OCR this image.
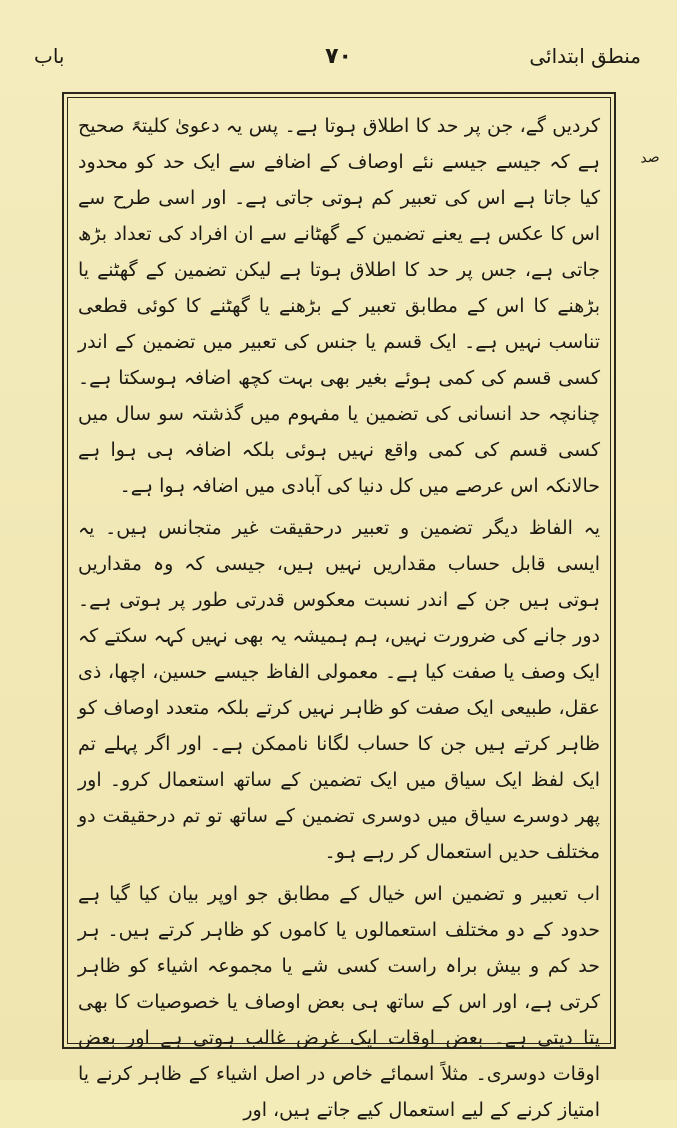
منطق ابتدائی
۷۰
باب
صد

کردیں گے، جن پر حد کا اطلاق ہوتا ہے۔ پس یہ دعویٰ کلیتہً صحیح ہے کہ جیسے جیسے نئے اوصاف کے اضافے سے ایک حد کو محدود کیا جاتا ہے اس کی تعبیر کم ہوتی جاتی ہے۔ اور اسی طرح سے اس کا عکس ہے یعنے تضمین کے گھٹانے سے ان افراد کی تعداد بڑھ جاتی ہے، جس پر حد کا اطلاق ہوتا ہے لیکن تضمین کے گھٹنے یا بڑھنے کا اس کے مطابق تعبیر کے بڑھنے یا گھٹنے کا کوئی قطعی تناسب نہیں ہے۔ ایک قسم یا جنس کی تعبیر میں تضمین کے اندر کسی قسم کی کمی ہوئے بغیر بھی بہت کچھ اضافہ ہوسکتا ہے۔ چنانچہ حد انسانی کی تضمین یا مفہوم میں گذشتہ سو سال میں کسی قسم کی کمی واقع نہیں ہوئی بلکہ اضافہ ہی ہوا ہے حالانکہ اس عرصے میں کل دنیا کی آبادی میں اضافہ ہوا ہے۔

یہ الفاظ دیگر تضمین و تعبیر درحقیقت غیر متجانس ہیں۔ یہ ایسی قابل حساب مقداریں نہیں ہیں، جیسی کہ وہ مقداریں ہوتی ہیں جن کے اندر نسبت معکوس قدرتی طور پر ہوتی ہے۔ دور جانے کی ضرورت نہیں، ہم ہمیشہ یہ بھی نہیں کہہ سکتے کہ ایک وصف یا صفت کیا ہے۔ معمولی الفاظ جیسے حسین، اچھا، ذی عقل، طبیعی ایک صفت کو ظاہر نہیں کرتے بلکہ متعدد اوصاف کو ظاہر کرتے ہیں جن کا حساب لگانا ناممکن ہے۔ اور اگر پہلے تم ایک لفظ ایک سیاق میں ایک تضمین کے ساتھ استعمال کرو۔ اور پھر دوسرے سیاق میں دوسری تضمین کے ساتھ تو تم درحقیقت دو مختلف حدیں استعمال کر رہے ہو۔

اب تعبیر و تضمین اس خیال کے مطابق جو اوپر بیان کیا گیا ہے حدود کے دو مختلف استعمالوں یا کاموں کو ظاہر کرتے ہیں۔ ہر حد کم و بیش براہ راست کسی شے یا مجموعہ اشیاء کو ظاہر کرتی ہے، اور اس کے ساتھ ہی بعض اوصاف یا خصوصیات کا بھی پتا دیتی ہے۔ بعض اوقات ایک غرض غالب ہوتی ہے اور بعض اوقات دوسری۔ مثلاً اسمائے خاص در اصل اشیاء کے ظاہر کرنے یا امتیاز کرنے کے لیے استعمال کیے جاتے ہیں، اور
